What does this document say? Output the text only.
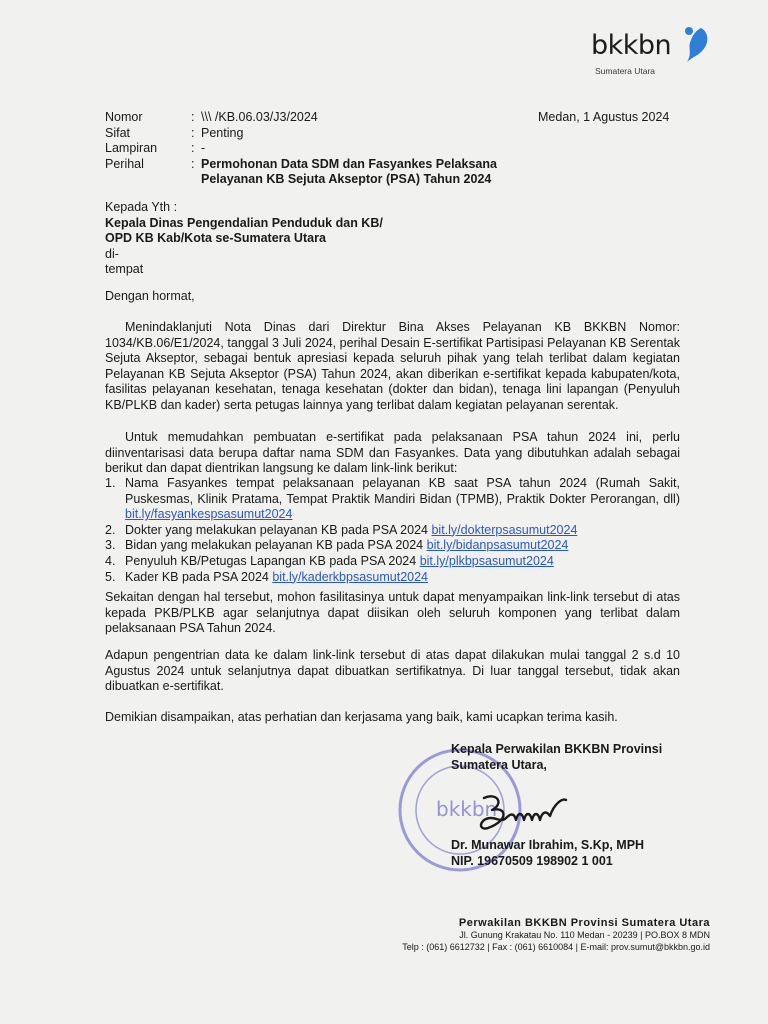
bkkbn
Sumatera Utara
Nomor	: \\\ /KB.06.03/J3/2024
Sifat	: Penting
Lampiran	: -
Perihal	: Permohonan Data SDM dan Fasyankes Pelaksana
Pelayanan KB Sejuta Akseptor (PSA) Tahun 2024
Medan, 1 Agustus 2024
Kepada Yth :
Kepala Dinas Pengendalian Penduduk dan KB/
OPD KB Kab/Kota se-Sumatera Utara
di-
tempat
Dengan hormat,

Menindaklanjuti Nota Dinas dari Direktur Bina Akses Pelayanan KB BKKBN Nomor: 1034/KB.06/E1/2024, tanggal 3 Juli 2024, perihal Desain E-sertifikat Partisipasi Pelayanan KB Serentak Sejuta Akseptor, sebagai bentuk apresiasi kepada seluruh pihak yang telah terlibat dalam kegiatan Pelayanan KB Sejuta Akseptor (PSA) Tahun 2024, akan diberikan e-sertifikat kepada kabupaten/kota, fasilitas pelayanan kesehatan, tenaga kesehatan (dokter dan bidan), tenaga lini lapangan (Penyuluh KB/PLKB dan kader) serta petugas lainnya yang terlibat dalam kegiatan pelayanan serentak.

Untuk memudahkan pembuatan e-sertifikat pada pelaksanaan PSA tahun 2024 ini, perlu diinventarisasi data berupa daftar nama SDM dan Fasyankes. Data yang dibutuhkan adalah sebagai berikut dan dapat dientrikan langsung ke dalam link-link berikut:

1. Nama Fasyankes tempat pelaksanaan pelayanan KB saat PSA tahun 2024 (Rumah Sakit, Puskesmas, Klinik Pratama, Tempat Praktik Mandiri Bidan (TPMB), Praktik Dokter Perorangan, dll) bit.ly/fasyankespsasumut2024
2. Dokter yang melakukan pelayanan KB pada PSA 2024 bit.ly/dokterpsasumut2024
3. Bidan yang melakukan pelayanan KB pada PSA 2024 bit.ly/bidanpsasumut2024
4. Penyuluh KB/Petugas Lapangan KB pada PSA 2024 bit.ly/plkbpsasumut2024
5. Kader KB pada PSA 2024 bit.ly/kaderkbpsasumut2024

Sekaitan dengan hal tersebut, mohon fasilitasinya untuk dapat menyampaikan link-link tersebut di atas kepada PKB/PLKB agar selanjutnya dapat diisikan oleh seluruh komponen yang terlibat dalam pelaksanaan PSA Tahun 2024.

Adapun pengentrian data ke dalam link-link tersebut di atas dapat dilakukan mulai tanggal 2 s.d 10 Agustus 2024 untuk selanjutnya dapat dibuatkan sertifikatnya. Di luar tanggal tersebut, tidak akan dibuatkan e-sertifikat.

Demikian disampaikan, atas perhatian dan kerjasama yang baik, kami ucapkan terima kasih.

bkkbn
Kepala Perwakilan BKKBN Provinsi
Sumatera Utara,
Dr. Munawar Ibrahim, S.Kp, MPH
NIP. 19670509 198902 1 001
Perwakilan BKKBN Provinsi Sumatera Utara
Jl. Gunung Krakatau No. 110 Medan - 20239 | PO.BOX 8 MDN
Telp : (061) 6612732 | Fax : (061) 6610084 | E-mail: prov.sumut@bkkbn.go.id
